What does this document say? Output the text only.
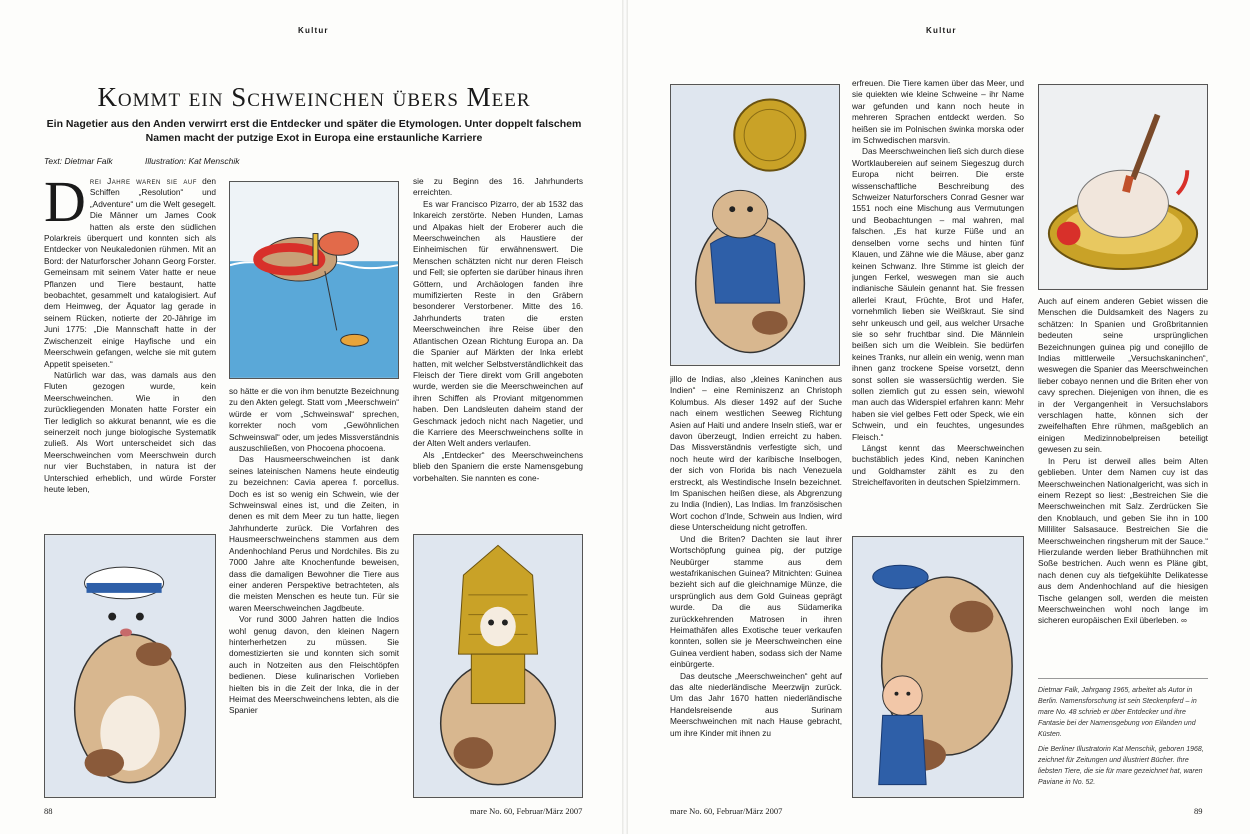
Kultur
Kommt ein Schweinchen übers Meer
Ein Nagetier aus den Anden verwirrt erst die Entdecker und später die Etymologen. Unter doppelt falschem Namen macht der putzige Exot in Europa eine erstaunliche Karriere
Text: Dietmar Falk	Illustration: Kat Menschik

Drei Jahre waren sie auf den Schiffen „Resolution“ und „Adventure“ um die Welt gesegelt. Die Männer um James Cook hatten als erste den südlichen Polarkreis überquert und konnten sich als Entdecker von Neukaledonien rühmen. Mit an Bord: der Naturforscher Johann Georg Forster. Gemeinsam mit seinem Vater hatte er neue Pflanzen und Tiere bestaunt, hatte beobachtet, gesammelt und katalogisiert. Auf dem Heimweg, der Äquator lag gerade in seinem Rücken, notierte der 20-Jährige im Juni 1775: „Die Mannschaft hatte in der Zwischenzeit einige Hayfische und ein Meerschwein gefangen, welche sie mit gutem Appetit speiseten.“

Natürlich war das, was damals aus den Fluten gezogen wurde, kein Meerschweinchen. Wie in den zurückliegenden Monaten hatte Forster ein Tier lediglich so akkurat benannt, wie es die seinerzeit noch junge biologische Systematik zuließ. Als Wort unterscheidet sich das Meerschweinchen vom Meerschwein durch nur vier Buchstaben, in natura ist der Unterschied erheblich, und würde Forster heute leben,

so hätte er die von ihm benutzte Bezeichnung zu den Akten gelegt. Statt vom „Meerschwein“ würde er vom „Schweinswal“ sprechen, korrekter noch vom „Gewöhnlichen Schweinswal“ oder, um jedes Missverständnis auszuschließen, von Phocoena phocoena.

Das Hausmeerschweinchen ist dank seines lateinischen Namens heute eindeutig zu bezeichnen: Cavia aperea f. porcellus. Doch es ist so wenig ein Schwein, wie der Schweinswal eines ist, und die Zeiten, in denen es mit dem Meer zu tun hatte, liegen Jahrhunderte zurück. Die Vorfahren des Hausmeerschweinchens stammen aus dem Andenhochland Perus und Nordchiles. Bis zu 7000 Jahre alte Knochenfunde beweisen, dass die damaligen Bewohner die Tiere aus einer anderen Perspektive betrachteten, als die meisten Menschen es heute tun. Für sie waren Meerschweinchen Jagdbeute.

Vor rund 3000 Jahren hatten die Indios wohl genug davon, den kleinen Nagern hinterherhetzen zu müssen. Sie domestizierten sie und konnten sich somit auch in Notzeiten aus den Fleischtöpfen bedienen. Diese kulinarischen Vorlieben hielten bis in die Zeit der Inka, die in der Heimat des Meerschweinchens lebten, als die Spanier

sie zu Beginn des 16. Jahrhunderts erreichten.

Es war Francisco Pizarro, der ab 1532 das Inkareich zerstörte. Neben Hunden, Lamas und Alpakas hielt der Eroberer auch die Meerschweinchen als Haustiere der Einheimischen für erwähnenswert. Die Menschen schätzten nicht nur deren Fleisch und Fell; sie opferten sie darüber hinaus ihren Göttern, und Archäologen fanden ihre mumifizierten Reste in den Gräbern besonderer Verstorbener. Mitte des 16. Jahrhunderts traten die ersten Meerschweinchen ihre Reise über den Atlantischen Ozean Richtung Europa an. Da die Spanier auf Märkten der Inka erlebt hatten, mit welcher Selbstverständlichkeit das Fleisch der Tiere direkt vom Grill angeboten wurde, werden sie die Meerschweinchen auf ihren Schiffen als Proviant mitgenommen haben. Den Landsleuten daheim stand der Geschmack jedoch nicht nach Nagetier, und die Karriere des Meerschweinchens sollte in der Alten Welt anders verlaufen.

Als „Entdecker“ des Meerschweinchens blieb den Spaniern die erste Namensgebung vorbehalten. Sie nannten es cone-

88	mare No. 60, Februar/März 2007
Kultur

jillo de Indias, also „kleines Kaninchen aus Indien“ – eine Reminiszenz an Christoph Kolumbus. Als dieser 1492 auf der Suche nach einem westlichen Seeweg Richtung Asien auf Haiti und andere Inseln stieß, war er davon überzeugt, Indien erreicht zu haben. Das Missverständnis verfestigte sich, und noch heute wird der karibische Inselbogen, der sich von Florida bis nach Venezuela erstreckt, als Westindische Inseln bezeichnet. Im Spanischen heißen diese, als Abgrenzung zu India (Indien), Las Indias. Im französischen Wort cochon d’Inde, Schwein aus Indien, wird diese Unterscheidung nicht getroffen.

Und die Briten? Dachten sie laut ihrer Wortschöpfung guinea pig, der putzige Neubürger stamme aus dem westafrikanischen Guinea? Mitnichten: Guinea bezieht sich auf die gleichnamige Münze, die ursprünglich aus dem Gold Guineas geprägt wurde. Da die aus Südamerika zurückkehrenden Matrosen in ihren Heimathäfen alles Exotische teuer verkaufen konnten, sollen sie je Meerschweinchen eine Guinea verdient haben, sodass sich der Name einbürgerte.

Das deutsche „Meerschweinchen“ geht auf das alte niederländische Meerzwijn zurück. Um das Jahr 1670 hatten niederländische Handelsreisende aus Surinam Meerschweinchen mit nach Hause gebracht, um ihre Kinder mit ihnen zu

erfreuen. Die Tiere kamen über das Meer, und sie quiekten wie kleine Schweine – ihr Name war gefunden und kann noch heute in mehreren Sprachen entdeckt werden. So heißen sie im Polnischen świnka morska oder im Schwedischen marsvin.

Das Meerschweinchen ließ sich durch diese Wortklaubereien auf seinem Siegeszug durch Europa nicht beirren. Die erste wissenschaftliche Beschreibung des Schweizer Naturforschers Conrad Gesner war 1551 noch eine Mischung aus Vermutungen und Beobachtungen – mal wahren, mal falschen. „Es hat kurze Füße und an denselben vorne sechs und hinten fünf Klauen, und Zähne wie die Mäuse, aber ganz keinen Schwanz. Ihre Stimme ist gleich der jungen Ferkel, weswegen man sie auch indianische Säulein genannt hat. Sie fressen allerlei Kraut, Früchte, Brot und Hafer, vornehmlich lieben sie Weißkraut. Sie sind sehr unkeusch und geil, aus welcher Ursache sie so sehr fruchtbar sind. Die Männlein beißen sich um die Weiblein. Sie bedürfen keines Tranks, nur allein ein wenig, wenn man ihnen ganz trockene Speise vorsetzt, denn sonst sollen sie wassersüchtig werden. Sie sollen ziemlich gut zu essen sein, wiewohl man auch das Widerspiel erfahren kann: Mehr haben sie viel gelbes Fett oder Speck, wie ein Schwein, und ein feuchtes, ungesundes Fleisch.“

Längst kennt das Meerschweinchen buchstäblich jedes Kind, neben Kaninchen und Goldhamster zählt es zu den Streichelfavoriten in deutschen Spielzimmern.

Auch auf einem anderen Gebiet wissen die Menschen die Duldsamkeit des Nagers zu schätzen: In Spanien und Großbritannien bedeuten seine ursprünglichen Bezeichnungen guinea pig und conejillo de Indias mittlerweile „Versuchskaninchen“, weswegen die Spanier das Meerschweinchen lieber cobayo nennen und die Briten eher von cavy sprechen. Diejenigen von ihnen, die es in der Vergangenheit in Versuchslabors verschlagen hatte, können sich der zweifelhaften Ehre rühmen, maßgeblich an einigen Medizinnobelpreisen beteiligt gewesen zu sein.

In Peru ist derweil alles beim Alten geblieben. Unter dem Namen cuy ist das Meerschweinchen Nationalgericht, was sich in einem Rezept so liest: „Bestreichen Sie die Meerschweinchen mit Salz. Zerdrücken Sie den Knoblauch, und geben Sie ihn in 100 Milliliter Salsasauce. Bestreichen Sie die Meerschweinchen ringsherum mit der Sauce.“ Hierzulande werden lieber Brathühnchen mit Soße bestrichen. Auch wenn es Pläne gibt, nach denen cuy als tiefgekühlte Delikatesse aus dem Andenhochland auf die hiesigen Tische gelangen soll, werden die meisten Meerschweinchen wohl noch lange im sicheren europäischen Exil überleben. ∞

Dietmar Falk, Jahrgang 1965, arbeitet als Autor in Berlin. Namensforschung ist sein Steckenpferd – in mare No. 48 schrieb er über Entdecker und ihre Fantasie bei der Namensgebung von Eilanden und Küsten.

Die Berliner Illustratorin Kat Menschik, geboren 1968, zeichnet für Zeitungen und illustriert Bücher. Ihre liebsten Tiere, die sie für mare gezeichnet hat, waren Paviane in No. 52.

mare No. 60, Februar/März 2007	89
